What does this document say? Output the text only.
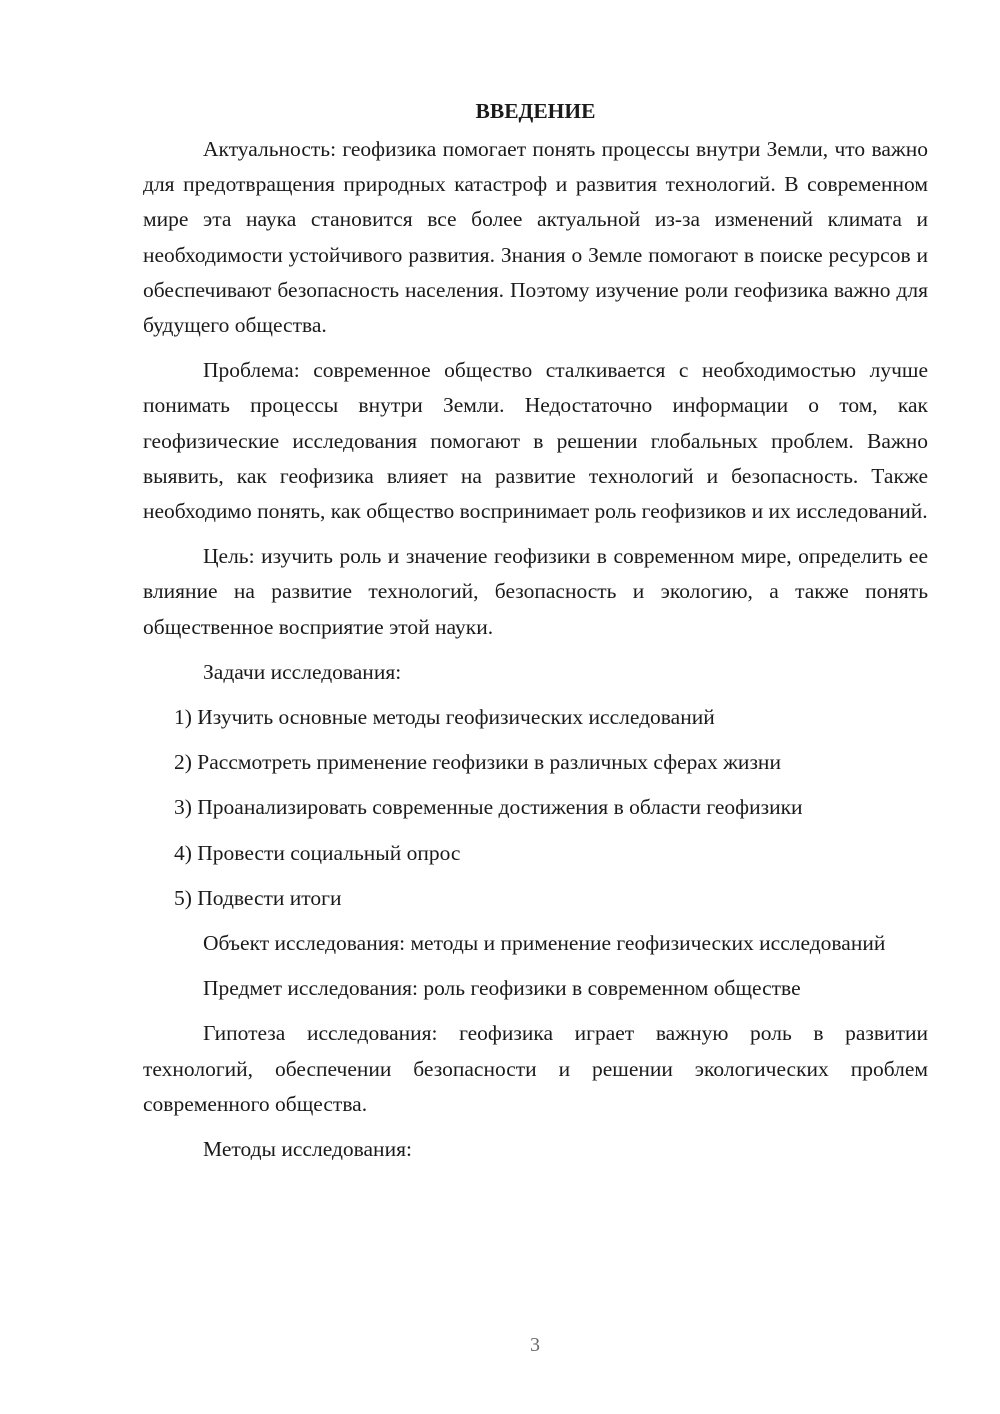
ВВЕДЕНИЕ

Актуальность: геофизика помогает понять процессы внутри Земли, что важно для предотвращения природных катастроф и развития технологий. В современном мире эта наука становится все более актуальной из-за изменений климата и необходимости устойчивого развития. Знания о Земле помогают в поиске ресурсов и обеспечивают безопасность населения. Поэтому изучение роли геофизика важно для будущего общества.

Проблема: современное общество сталкивается с необходимостью лучше понимать процессы внутри Земли. Недостаточно информации о том, как геофизические исследования помогают в решении глобальных проблем. Важно выявить, как геофизика влияет на развитие технологий и безопасность. Также необходимо понять, как общество воспринимает роль геофизиков и их исследований.

Цель: изучить роль и значение геофизики в современном мире, определить ее влияние на развитие технологий, безопасность и экологию, а также понять общественное восприятие этой науки.

Задачи исследования:

1) Изучить основные методы геофизических исследований
2) Рассмотреть применение геофизики в различных сферах жизни
3) Проанализировать современные достижения в области геофизики
4) Провести социальный опрос
5) Подвести итоги

Объект исследования: методы и применение геофизических исследований

Предмет исследования: роль геофизики в современном обществе

Гипотеза исследования: геофизика играет важную роль в развитии технологий, обеспечении безопасности и решении экологических проблем современного общества.

Методы исследования:

3
